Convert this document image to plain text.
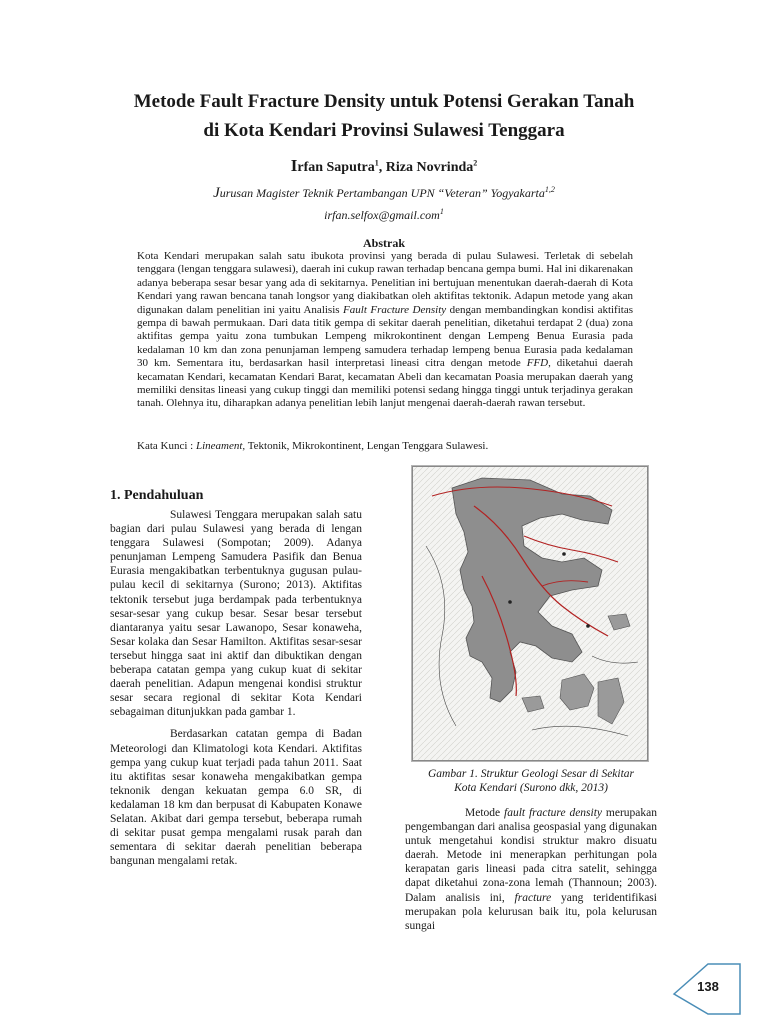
Metode Fault Fracture Density untuk Potensi Gerakan Tanah
di Kota Kendari Provinsi Sulawesi Tenggara
Irfan Saputra$^1$, Riza Novrinda$^2$
Jurusan Magister Teknik Pertambangan UPN “Veteran” Yogyakarta$^{1,2}$
irfan.selfox@gmail.com$^1$
Abstrak
Kota Kendari merupakan salah satu ibukota provinsi yang berada di pulau Sulawesi. Terletak di sebelah tenggara (lengan tenggara sulawesi), daerah ini cukup rawan terhadap bencana gempa bumi. Hal ini dikarenakan adanya beberapa sesar besar yang ada di sekitarnya. Penelitian ini bertujuan menentukan daerah-daerah di Kota Kendari yang rawan bencana tanah longsor yang diakibatkan oleh aktifitas tektonik. Adapun metode yang akan digunakan dalam penelitian ini yaitu Analisis Fault Fracture Density dengan membandingkan kondisi aktifitas gempa di bawah permukaan. Dari data titik gempa di sekitar daerah penelitian, diketahui terdapat 2 (dua) zona aktifitas gempa yaitu zona tumbukan Lempeng mikrokontinent dengan Lempeng Benua Eurasia pada kedalaman 10 km dan zona penunjaman lempeng samudera terhadap lempeng benua Eurasia pada kedalaman 30 km. Sementara itu, berdasarkan hasil interpretasi lineasi citra dengan metode FFD, diketahui daerah kecamatan Kendari, kecamatan Kendari Barat, kecamatan Abeli dan kecamatan Poasia merupakan daerah yang memiliki densitas lineasi yang cukup tinggi dan memiliki potensi sedang hingga tinggi untuk terjadinya gerakan tanah. Olehnya itu, diharapkan adanya penelitian lebih lanjut mengenai daerah-daerah rawan tersebut.
Kata Kunci : Lineament, Tektonik, Mikrokontinent, Lengan Tenggara Sulawesi.
1. Pendahuluan

Sulawesi Tenggara merupakan salah satu bagian dari pulau Sulawesi yang berada di lengan tenggara Sulawesi (Sompotan; 2009). Adanya penunjaman Lempeng Samudera Pasifik dan Benua Eurasia mengakibatkan terbentuknya gugusan pulau-pulau kecil di sekitarnya (Surono; 2013). Aktifitas tektonik tersebut juga berdampak pada terbentuknya sesar-sesar yang cukup besar. Sesar besar tersebut diantaranya yaitu sesar Lawanopo, Sesar konaweha, Sesar kolaka dan Sesar Hamilton. Aktifitas sesar-sesar tersebut hingga saat ini aktif dan dibuktikan dengan beberapa catatan gempa yang cukup kuat di sekitar daerah penelitian. Adapun mengenai kondisi struktur sesar secara regional di sekitar Kota Kendari sebagaiman ditunjukkan pada gambar 1.

Berdasarkan catatan gempa di Badan Meteorologi dan Klimatologi kota Kendari. Aktifitas gempa yang cukup kuat terjadi pada tahun 2011. Saat itu aktifitas sesar konaweha mengakibatkan gempa teknonik dengan kekuatan gempa 6.0 SR, di kedalaman 18 km dan berpusat di Kabupaten Konawe Selatan. Akibat dari gempa tersebut, beberapa rumah di sekitar pusat gempa mengalami rusak parah dan sementara di sekitar daerah penelitian beberapa bangunan mengalami retak.

Gambar 1. Struktur Geologi Sesar di Sekitar
Kota Kendari (Surono dkk, 2013)

Metode fault fracture density merupakan pengembangan dari analisa geospasial yang digunakan untuk mengetahui kondisi struktur makro disuatu daerah. Metode ini menerapkan perhitungan pola kerapatan garis lineasi pada citra satelit, sehingga dapat diketahui zona-zona lemah (Thannoun; 2003). Dalam analisis ini, fracture yang teridentifikasi merupakan pola kelurusan baik itu, pola kelurusan sungai

138
